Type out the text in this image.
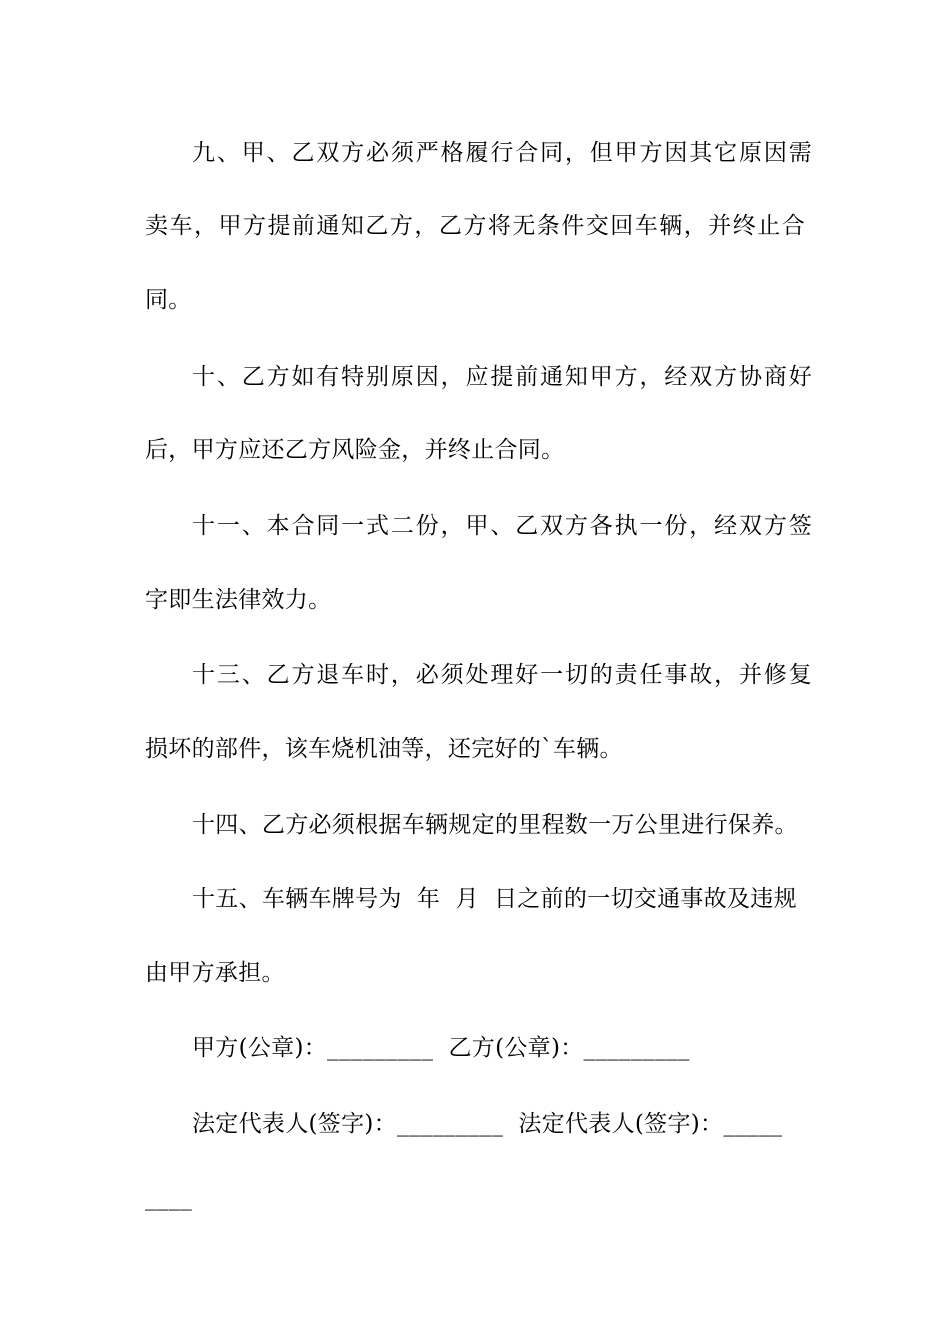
九、甲、乙双方必须严格履行合同，但甲方因其它原因需
卖车，甲方提前通知乙方，乙方将无条件交回车辆，并终止合
同。
十、乙方如有特别原因，应提前通知甲方，经双方协商好
后，甲方应还乙方风险金，并终止合同。
十一、本合同一式二份，甲、乙双方各执一份，经双方签
字即生法律效力。
十三、乙方退车时，必须处理好一切的责任事故，并修复
损坏的部件，该车烧机油等，还完好的`车辆。
十四、乙方必须根据车辆规定的里程数一万公里进行保养。
十五、车辆车牌号为  年  月  日之前的一切交通事故及违规
由甲方承担。
甲方(公章)：_________  乙方(公章)：_________
法定代表人(签字)：_________  法定代表人(签字)：_____
____
